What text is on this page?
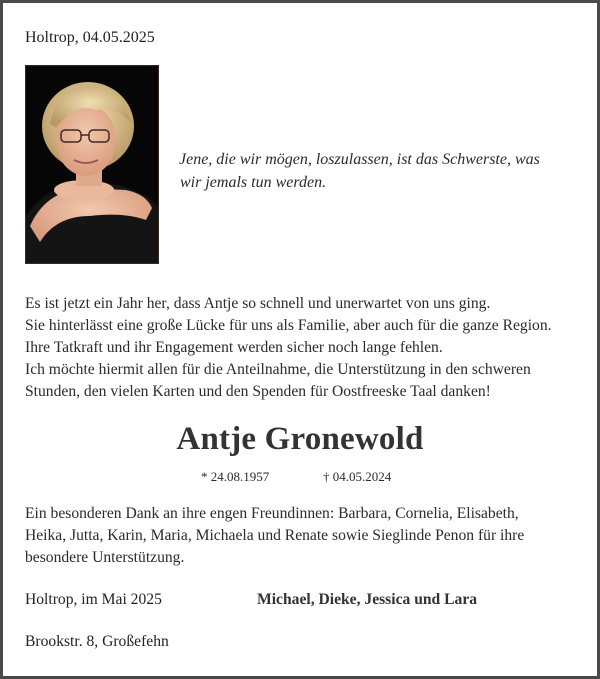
Holtrop, 04.05.2025
Jene, die wir mögen, loszulassen, ist das Schwerste, was
wir jemals tun werden.
Es ist jetzt ein Jahr her, dass Antje so schnell und unerwartet von uns ging.
Sie hinterlässt eine große Lücke für uns als Familie, aber auch für die ganze Region.
Ihre Tatkraft und ihr Engagement werden sicher noch lange fehlen.
Ich möchte hiermit allen für die Anteilnahme, die Unterstützung in den schweren
Stunden, den vielen Karten und den Spenden für Oostfreeske Taal danken!
Antje Gronewold
* 24.08.1957	† 04.05.2024
Ein besonderen Dank an ihre engen Freundinnen: Barbara, Cornelia, Elisabeth,
Heika, Jutta, Karin, Maria, Michaela und Renate sowie Sieglinde Penon für ihre
besondere Unterstützung.
Holtrop, im Mai 2025	Michael, Dieke, Jessica und Lara
Brookstr. 8, Großefehn
